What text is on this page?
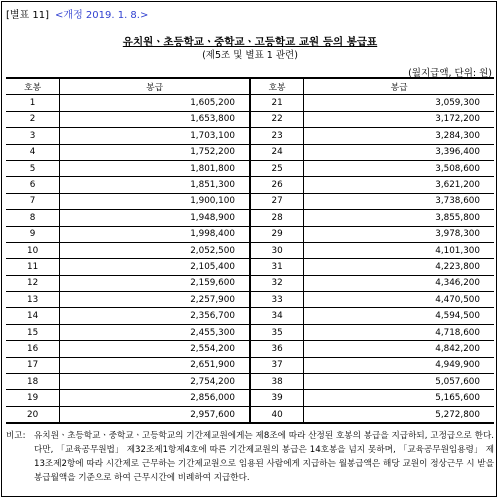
[별표 11] <개정 2019. 1. 8.>
유치원ㆍ초등학교ㆍ중학교ㆍ고등학교 교원 등의 봉급표
(제5조 및 별표 1 관련)
(월지급액, 단위: 원)
호봉	봉급	호봉	봉급
1	1,605,200	21	3,059,300
2	1,653,800	22	3,172,200
3	1,703,100	23	3,284,300
4	1,752,200	24	3,396,400
5	1,801,800	25	3,508,600
6	1,851,300	26	3,621,200
7	1,900,100	27	3,738,600
8	1,948,900	28	3,855,800
9	1,998,400	29	3,978,300
10	2,052,500	30	4,101,300
11	2,105,400	31	4,223,800
12	2,159,600	32	4,346,200
13	2,257,900	33	4,470,500
14	2,356,700	34	4,594,500
15	2,455,300	35	4,718,600
16	2,554,200	36	4,842,200
17	2,651,900	37	4,949,900
18	2,754,200	38	5,057,600
19	2,856,000	39	5,165,600
20	2,957,600	40	5,272,800
비고: 유치원ㆍ초등학교ㆍ중학교ㆍ고등학교의 기간제교원에게는 제8조에 따라 산정된 호봉의 봉급을 지급하되, 고정급으로 한다. 다만, 「교육공무원법」 제32조제1항제4호에 따른 기간제교원의 봉급은 14호봉을 넘지 못하며, 「교육공무원임용령」 제13조제2항에 따라 시간제로 근무하는 기간제교원으로 임용된 사람에게 지급하는 월봉급액은 해당 교원이 정상근무 시 받을 봉급월액을 기준으로 하여 근무시간에 비례하여 지급한다.
